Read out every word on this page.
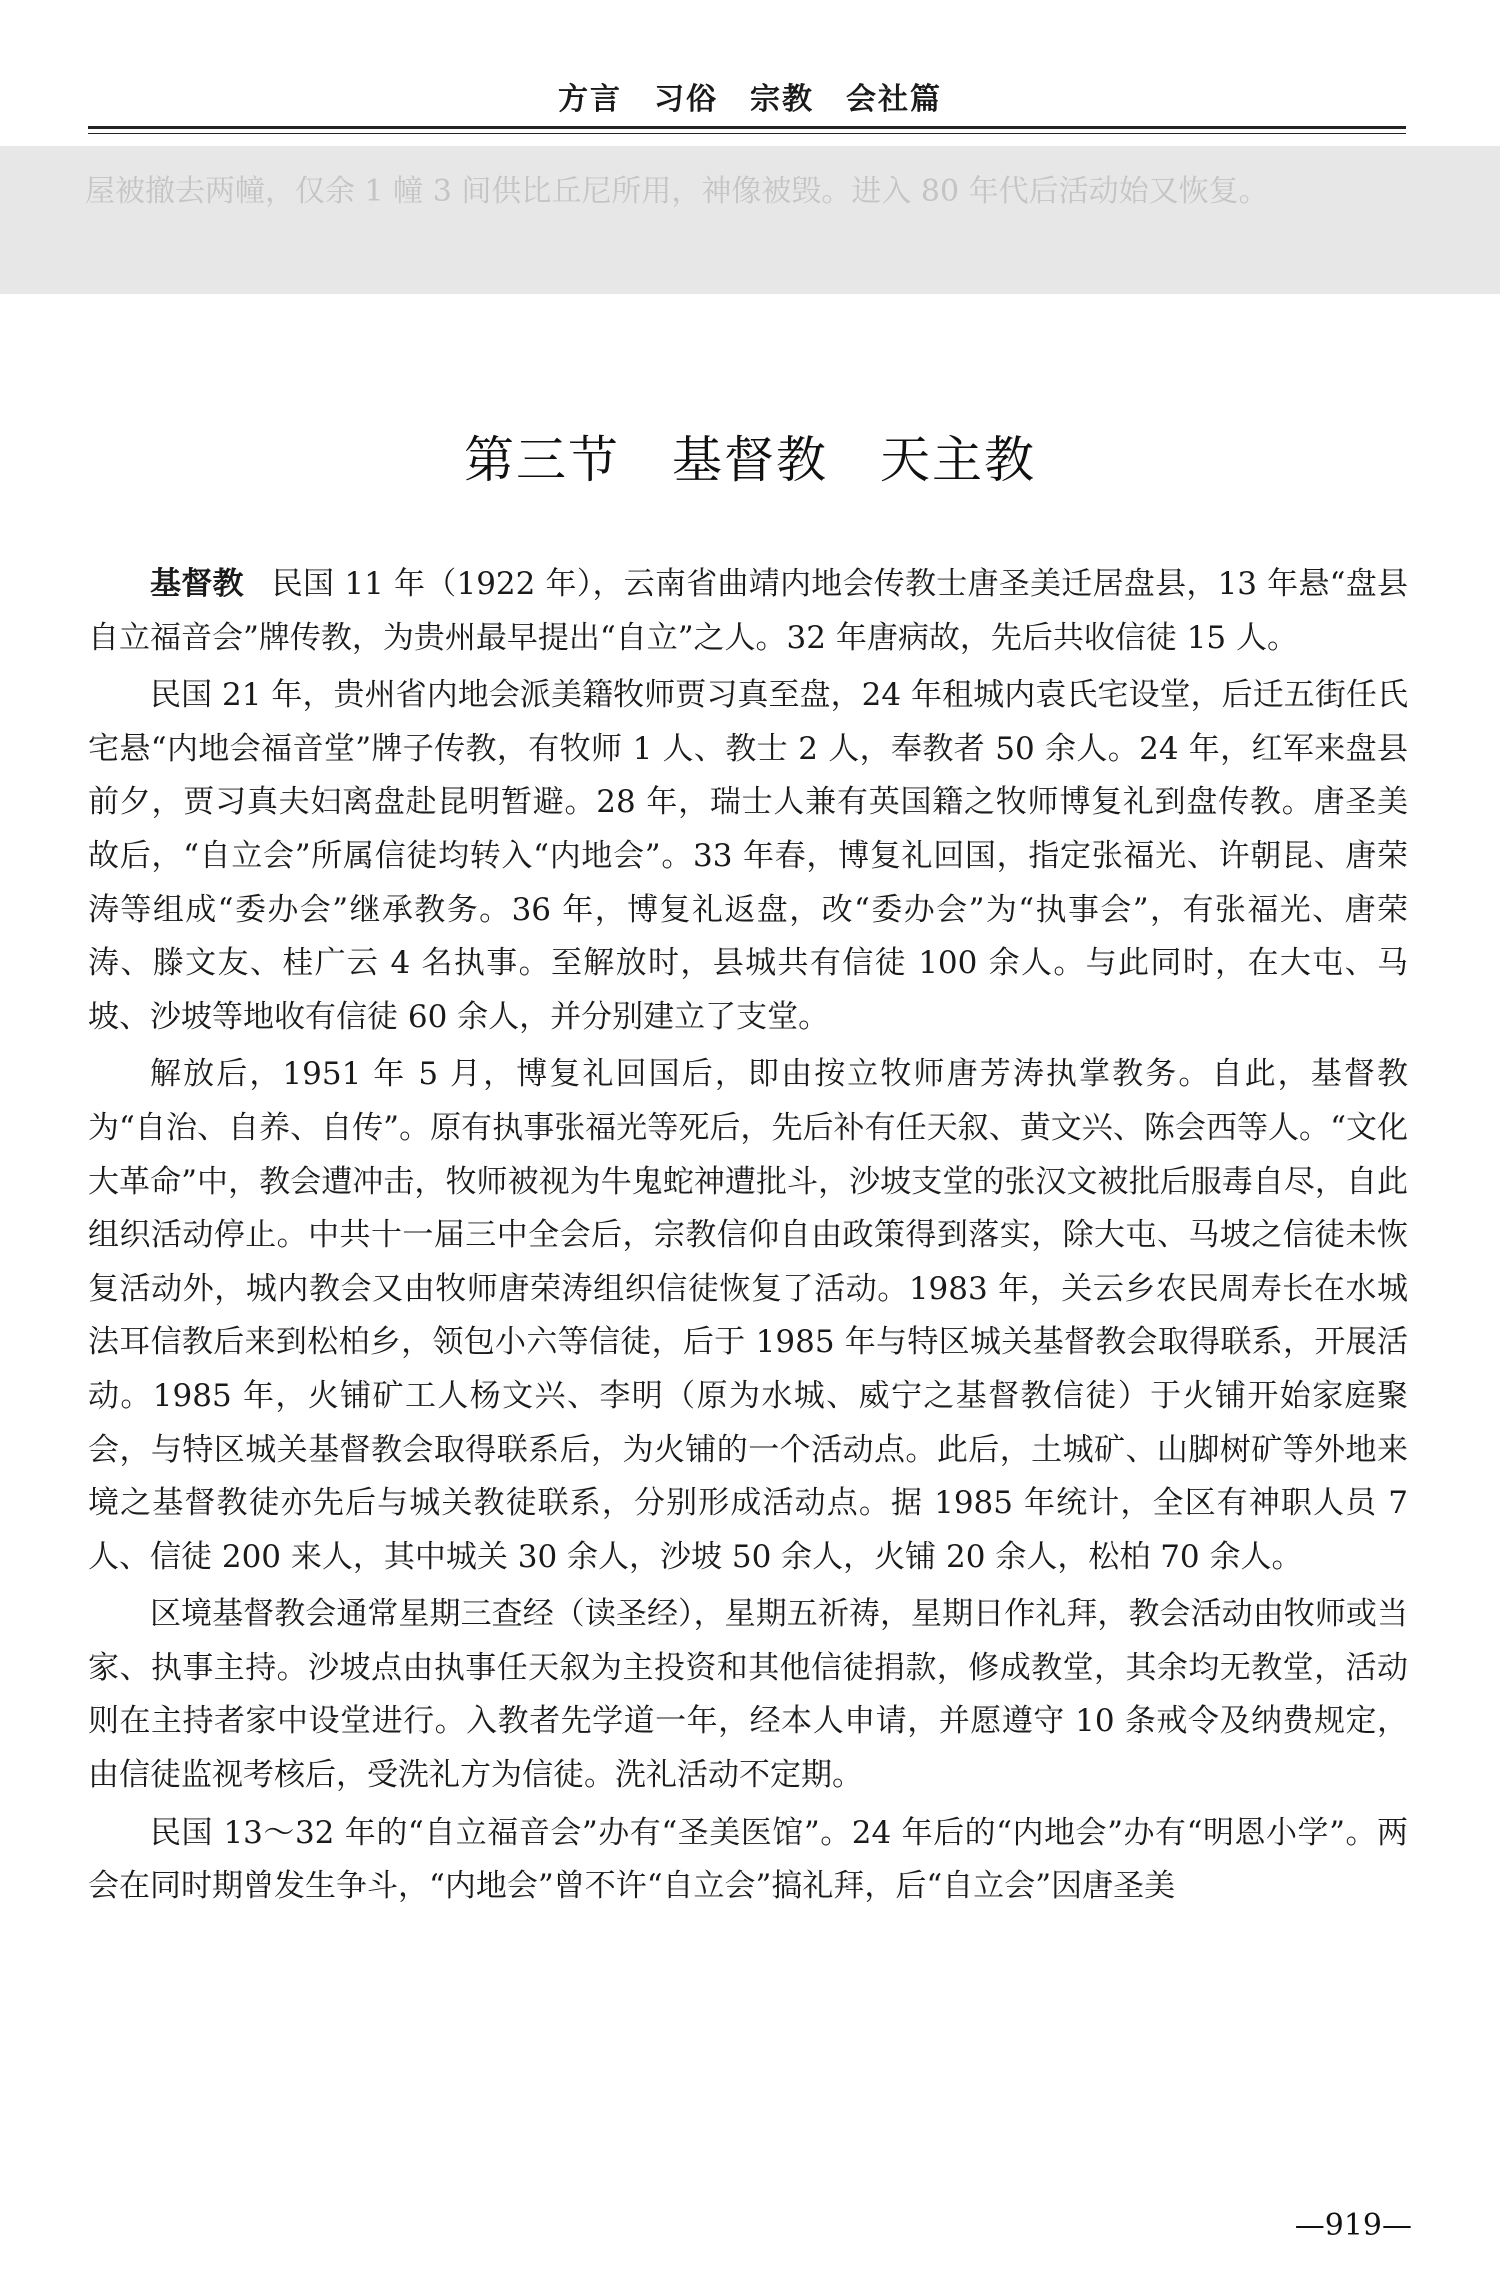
方言　习俗　宗教　会社篇
屋被撤去两幢，仅余 1 幢 3 间供比丘尼所用，神像被毁。进入 80 年代后活动始又恢复。
第三节　基督教　天主教

基督教 民国 11 年（1922 年），云南省曲靖内地会传教士唐圣美迁居盘县，13 年悬“盘县自立福音会”牌传教，为贵州最早提出“自立”之人。32 年唐病故，先后共收信徒 15 人。

民国 21 年，贵州省内地会派美籍牧师贾习真至盘，24 年租城内袁氏宅设堂，后迁五街任氏宅悬“内地会福音堂”牌子传教，有牧师 1 人、教士 2 人，奉教者 50 余人。24 年，红军来盘县前夕，贾习真夫妇离盘赴昆明暂避。28 年，瑞士人兼有英国籍之牧师博复礼到盘传教。唐圣美故后，“自立会”所属信徒均转入“内地会”。33 年春，博复礼回国，指定张福光、许朝昆、唐荣涛等组成“委办会”继承教务。36 年，博复礼返盘，改“委办会”为“执事会”，有张福光、唐荣涛、滕文友、桂广云 4 名执事。至解放时，县城共有信徒 100 余人。与此同时，在大屯、马坡、沙坡等地收有信徒 60 余人，并分别建立了支堂。

解放后，1951 年 5 月，博复礼回国后，即由按立牧师唐芳涛执掌教务。自此，基督教为“自治、自养、自传”。原有执事张福光等死后，先后补有任天叙、黄文兴、陈会西等人。“文化大革命”中，教会遭冲击，牧师被视为牛鬼蛇神遭批斗，沙坡支堂的张汉文被批后服毒自尽，自此组织活动停止。中共十一届三中全会后，宗教信仰自由政策得到落实，除大屯、马坡之信徒未恢复活动外，城内教会又由牧师唐荣涛组织信徒恢复了活动。1983 年，关云乡农民周寿长在水城法耳信教后来到松柏乡，领包小六等信徒，后于 1985 年与特区城关基督教会取得联系，开展活动。1985 年，火铺矿工人杨文兴、李明（原为水城、威宁之基督教信徒）于火铺开始家庭聚会，与特区城关基督教会取得联系后，为火铺的一个活动点。此后，土城矿、山脚树矿等外地来境之基督教徒亦先后与城关教徒联系，分别形成活动点。据 1985 年统计，全区有神职人员 7 人、信徒 200 来人，其中城关 30 余人，沙坡 50 余人，火铺 20 余人，松柏 70 余人。

区境基督教会通常星期三查经（读圣经），星期五祈祷，星期日作礼拜，教会活动由牧师或当家、执事主持。沙坡点由执事任天叙为主投资和其他信徒捐款，修成教堂，其余均无教堂，活动则在主持者家中设堂进行。入教者先学道一年，经本人申请，并愿遵守 10 条戒令及纳费规定，由信徒监视考核后，受洗礼方为信徒。洗礼活动不定期。

民国 13～32 年的“自立福音会”办有“圣美医馆”。24 年后的“内地会”办有“明恩小学”。两会在同时期曾发生争斗，“内地会”曾不许“自立会”搞礼拜，后“自立会”因唐圣美

—919—
